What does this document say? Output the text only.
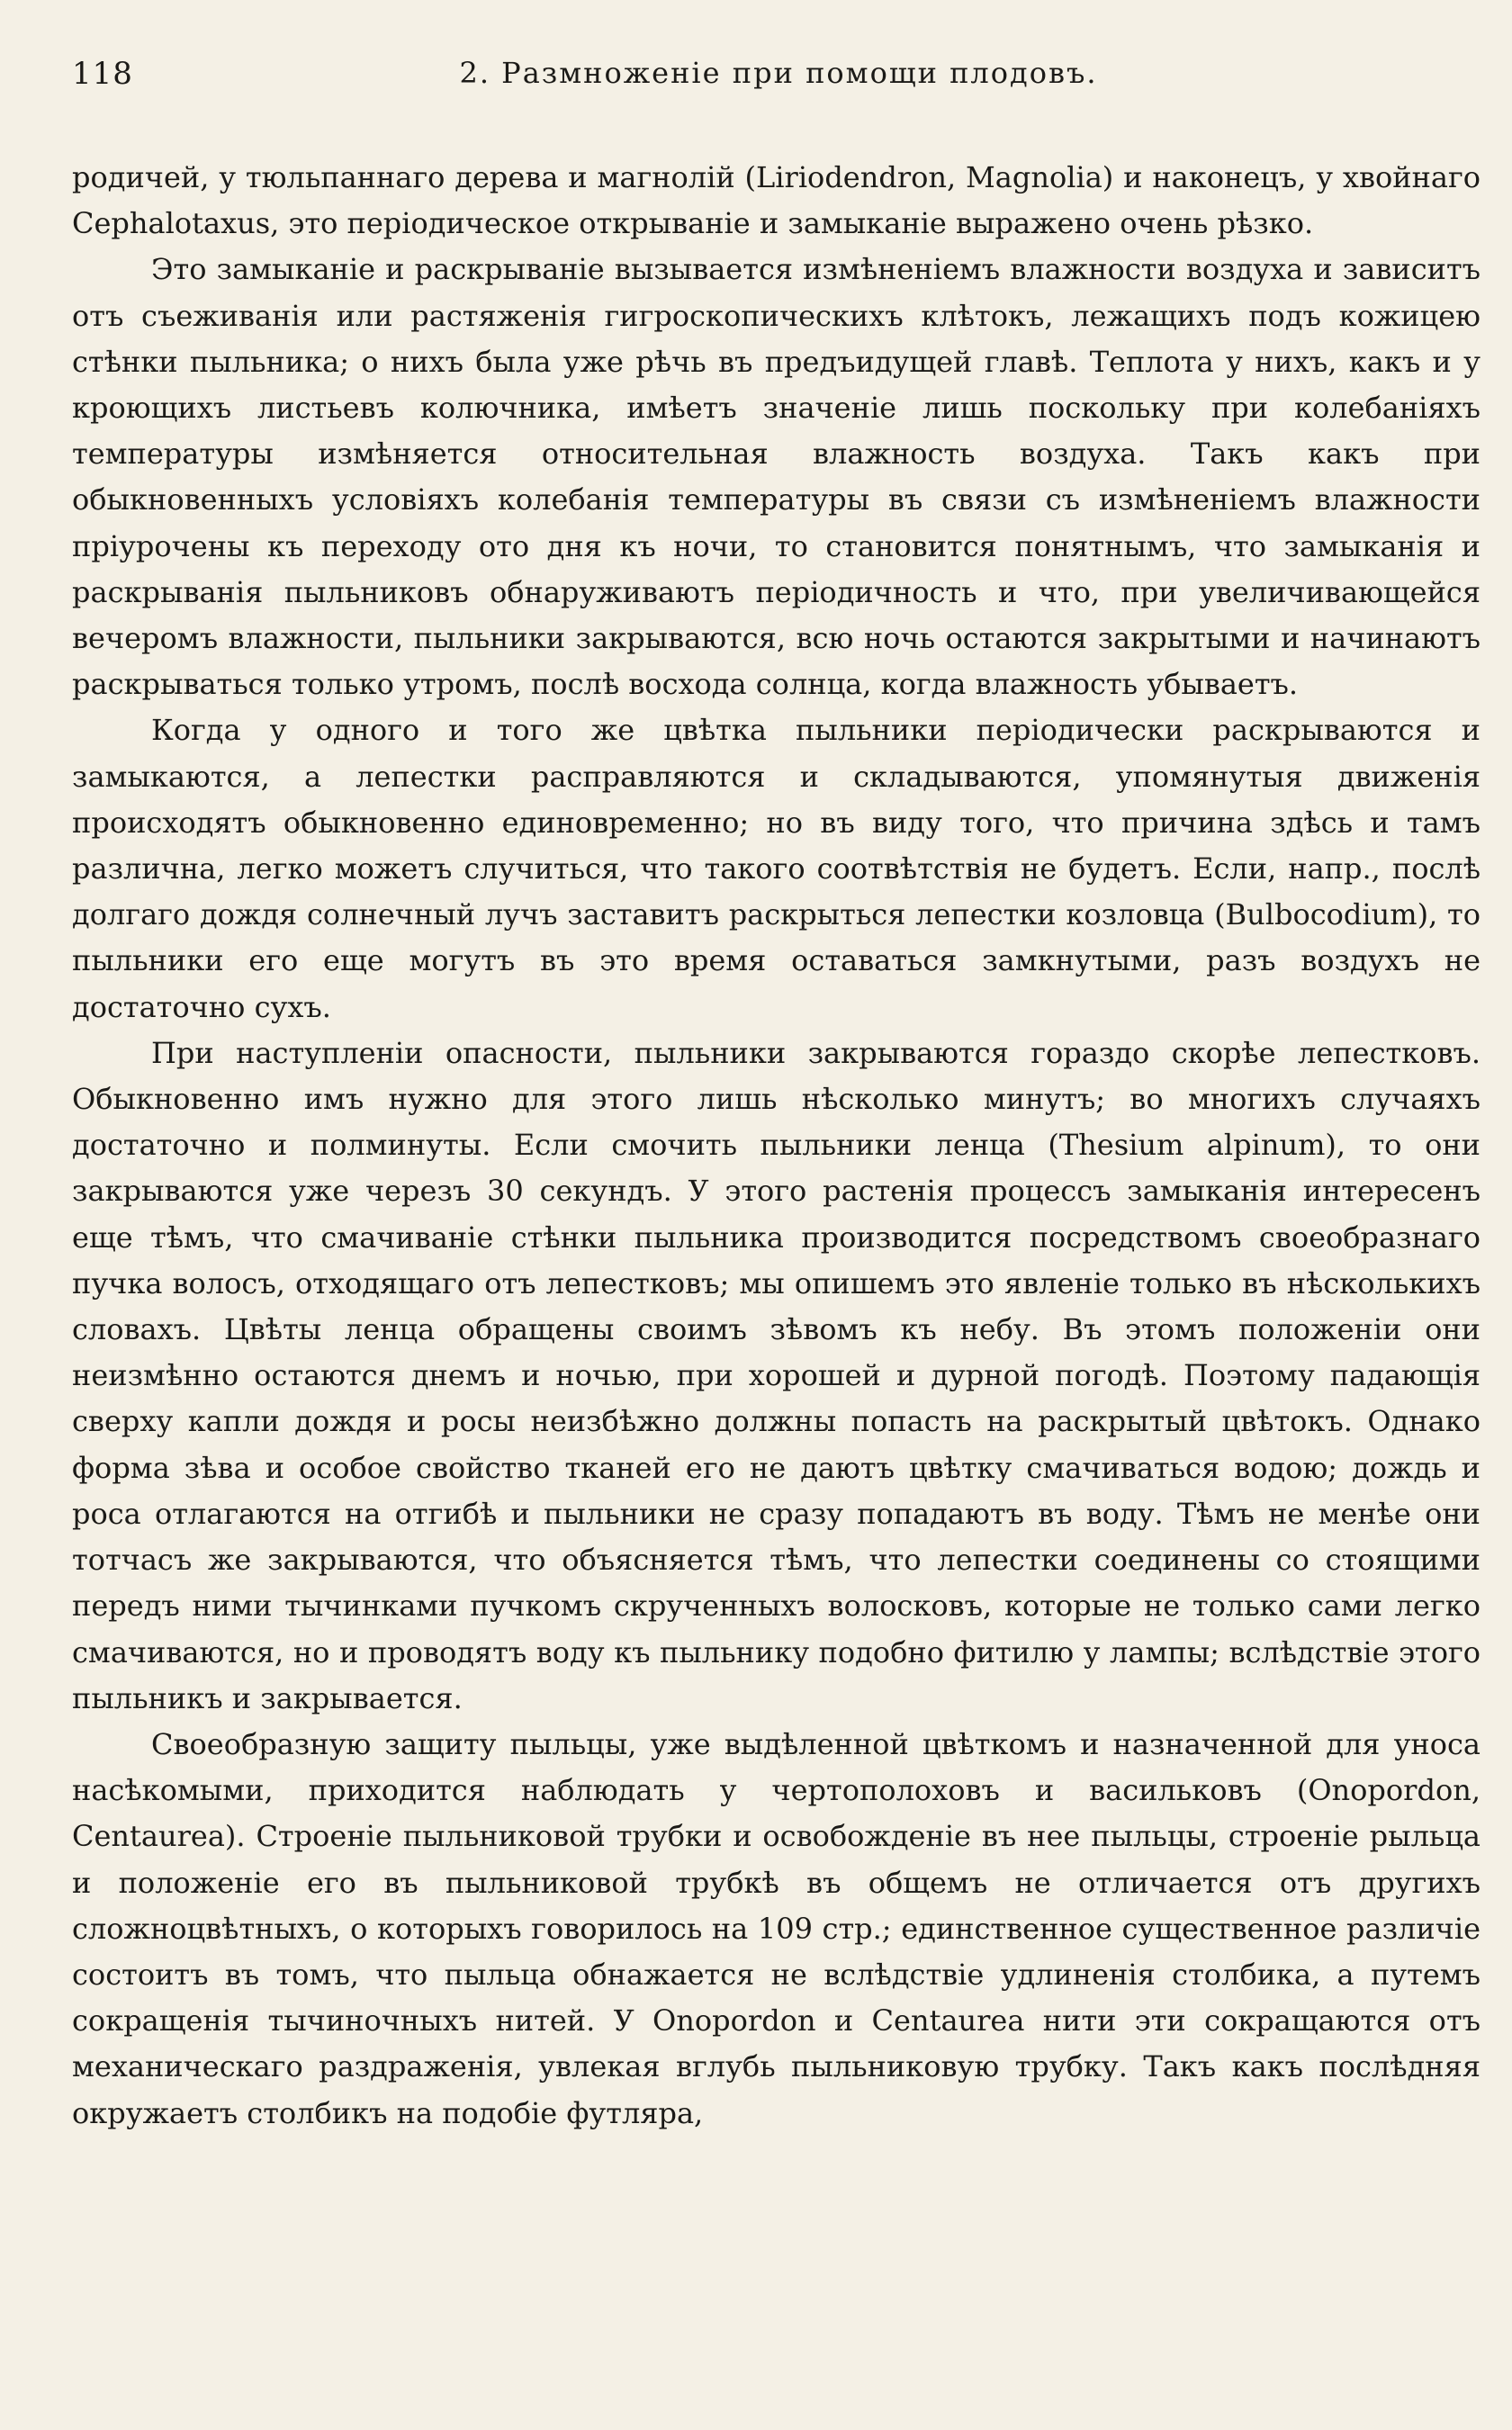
118	2. Размноженіе при помощи плодовъ.

родичей, у тюльпаннаго дерева и магнолій (Liriodendron, Magnolia) и наконецъ, у хвойнаго Cephalotaxus, это періодическое открываніе и замыканіе выражено очень рѣзко.

Это замыканіе и раскрываніе вызывается измѣненіемъ влажности воздуха и зависитъ отъ съеживанія или растяженія гигроскопическихъ клѣтокъ, лежащихъ подъ кожицею стѣнки пыльника; о нихъ была уже рѣчь въ предъидущей главѣ. Теплота у нихъ, какъ и у кроющихъ листьевъ колючника, имѣетъ значеніе лишь поскольку при колебаніяхъ температуры измѣняется относительная влажность воздуха. Такъ какъ при обыкновенныхъ условіяхъ колебанія температуры въ связи съ измѣненіемъ влажности пріурочены къ переходу ото дня къ ночи, то становится понятнымъ, что замыканія и раскрыванія пыльниковъ обнаруживаютъ періодичность и что, при увеличивающейся вечеромъ влажности, пыльники закрываются, всю ночь остаются закрытыми и начинаютъ раскрываться только утромъ, послѣ восхода солнца, когда влажность убываетъ.

Когда у одного и того же цвѣтка пыльники періодически раскрываются и замыкаются, а лепестки расправляются и складываются, упомянутыя движенія происходятъ обыкновенно единовременно; но въ виду того, что причина здѣсь и тамъ различна, легко можетъ случиться, что такого соотвѣтствія не будетъ. Если, напр., послѣ долгаго дождя солнечный лучъ заставитъ раскрыться лепестки козловца (Bulbocodium), то пыльники его еще могутъ въ это время оставаться замкнутыми, разъ воздухъ не достаточно сухъ.

При наступленіи опасности, пыльники закрываются гораздо скорѣе лепестковъ. Обыкновенно имъ нужно для этого лишь нѣсколько минутъ; во многихъ случаяхъ достаточно и полминуты. Если смочить пыльники ленца (Thesium alpinum), то они закрываются уже черезъ 30 секундъ. У этого растенія процессъ замыканія интересенъ еще тѣмъ, что смачиваніе стѣнки пыльника производится посредствомъ своеобразнаго пучка волосъ, отходящаго отъ лепестковъ; мы опишемъ это явленіе только въ нѣсколькихъ словахъ. Цвѣты ленца обращены своимъ зѣвомъ къ небу. Въ этомъ положеніи они неизмѣнно остаются днемъ и ночью, при хорошей и дурной погодѣ. Поэтому падающія сверху капли дождя и росы неизбѣжно должны попасть на раскрытый цвѣтокъ. Однако форма зѣва и особое свойство тканей его не даютъ цвѣтку смачиваться водою; дождь и роса отлагаются на отгибѣ и пыльники не сразу попадаютъ въ воду. Тѣмъ не менѣе они тотчасъ же закрываются, что объясняется тѣмъ, что лепестки соединены со стоящими передъ ними тычинками пучкомъ скрученныхъ волосковъ, которые не только сами легко смачиваются, но и проводятъ воду къ пыльнику подобно фитилю у лампы; вслѣдствіе этого пыльникъ и закрывается.

Своеобразную защиту пыльцы, уже выдѣленной цвѣткомъ и назначенной для уноса насѣкомыми, приходится наблюдать у чертополоховъ и васильковъ (Onopordon, Centaurea). Строеніе пыльниковой трубки и освобожденіе въ нее пыльцы, строеніе рыльца и положеніе его въ пыльниковой трубкѣ въ общемъ не отличается отъ другихъ сложноцвѣтныхъ, о которыхъ говорилось на 109 стр.; единственное существенное различіе состоитъ въ томъ, что пыльца обнажается не вслѣдствіе удлиненія столбика, а путемъ сокращенія тычиночныхъ нитей. У Onopordon и Centaurea нити эти сокращаются отъ механическаго раздраженія, увлекая вглубь пыльниковую трубку. Такъ какъ послѣдняя окружаетъ столбикъ на подобіе футляра,
